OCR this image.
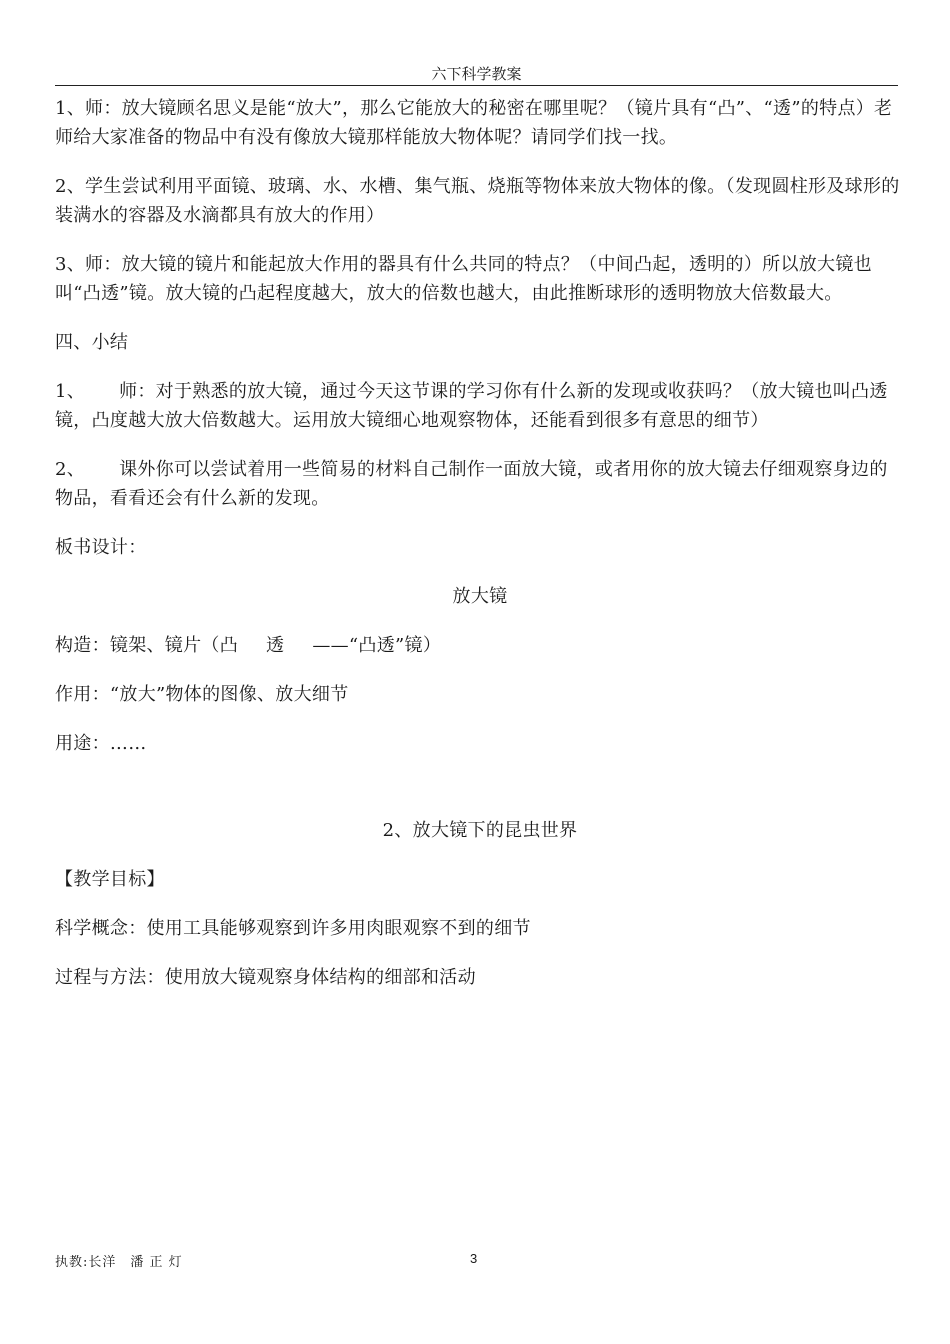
六下科学教案

1、师：放大镜顾名思义是能“放大”，那么它能放大的秘密在哪里呢？（镜片具有“凸”、“透”的特点）老师给大家准备的物品中有没有像放大镜那样能放大物体呢？请同学们找一找。

2、学生尝试利用平面镜、玻璃、水、水槽、集气瓶、烧瓶等物体来放大物体的像。（发现圆柱形及球形的装满水的容器及水滴都具有放大的作用）

3、师：放大镜的镜片和能起放大作用的器具有什么共同的特点？（中间凸起，透明的）所以放大镜也叫“凸透”镜。放大镜的凸起程度越大，放大的倍数也越大，由此推断球形的透明物放大倍数最大。

四、小结

1、 师：对于熟悉的放大镜，通过今天这节课的学习你有什么新的发现或收获吗？（放大镜也叫凸透镜，凸度越大放大倍数越大。运用放大镜细心地观察物体，还能看到很多有意思的细节）

2、 课外你可以尝试着用一些简易的材料自己制作一面放大镜，或者用你的放大镜去仔细观察身边的物品，看看还会有什么新的发现。

板书设计：

放大镜

构造：镜架、镜片（凸 透 ——“凸透”镜）

作用：“放大”物体的图像、放大细节

用途：……

2、放大镜下的昆虫世界

【教学目标】

科学概念：使用工具能够观察到许多用肉眼观察不到的细节

过程与方法：使用放大镜观察身体结构的细部和活动

执教:长洋　潘 正 灯	3
